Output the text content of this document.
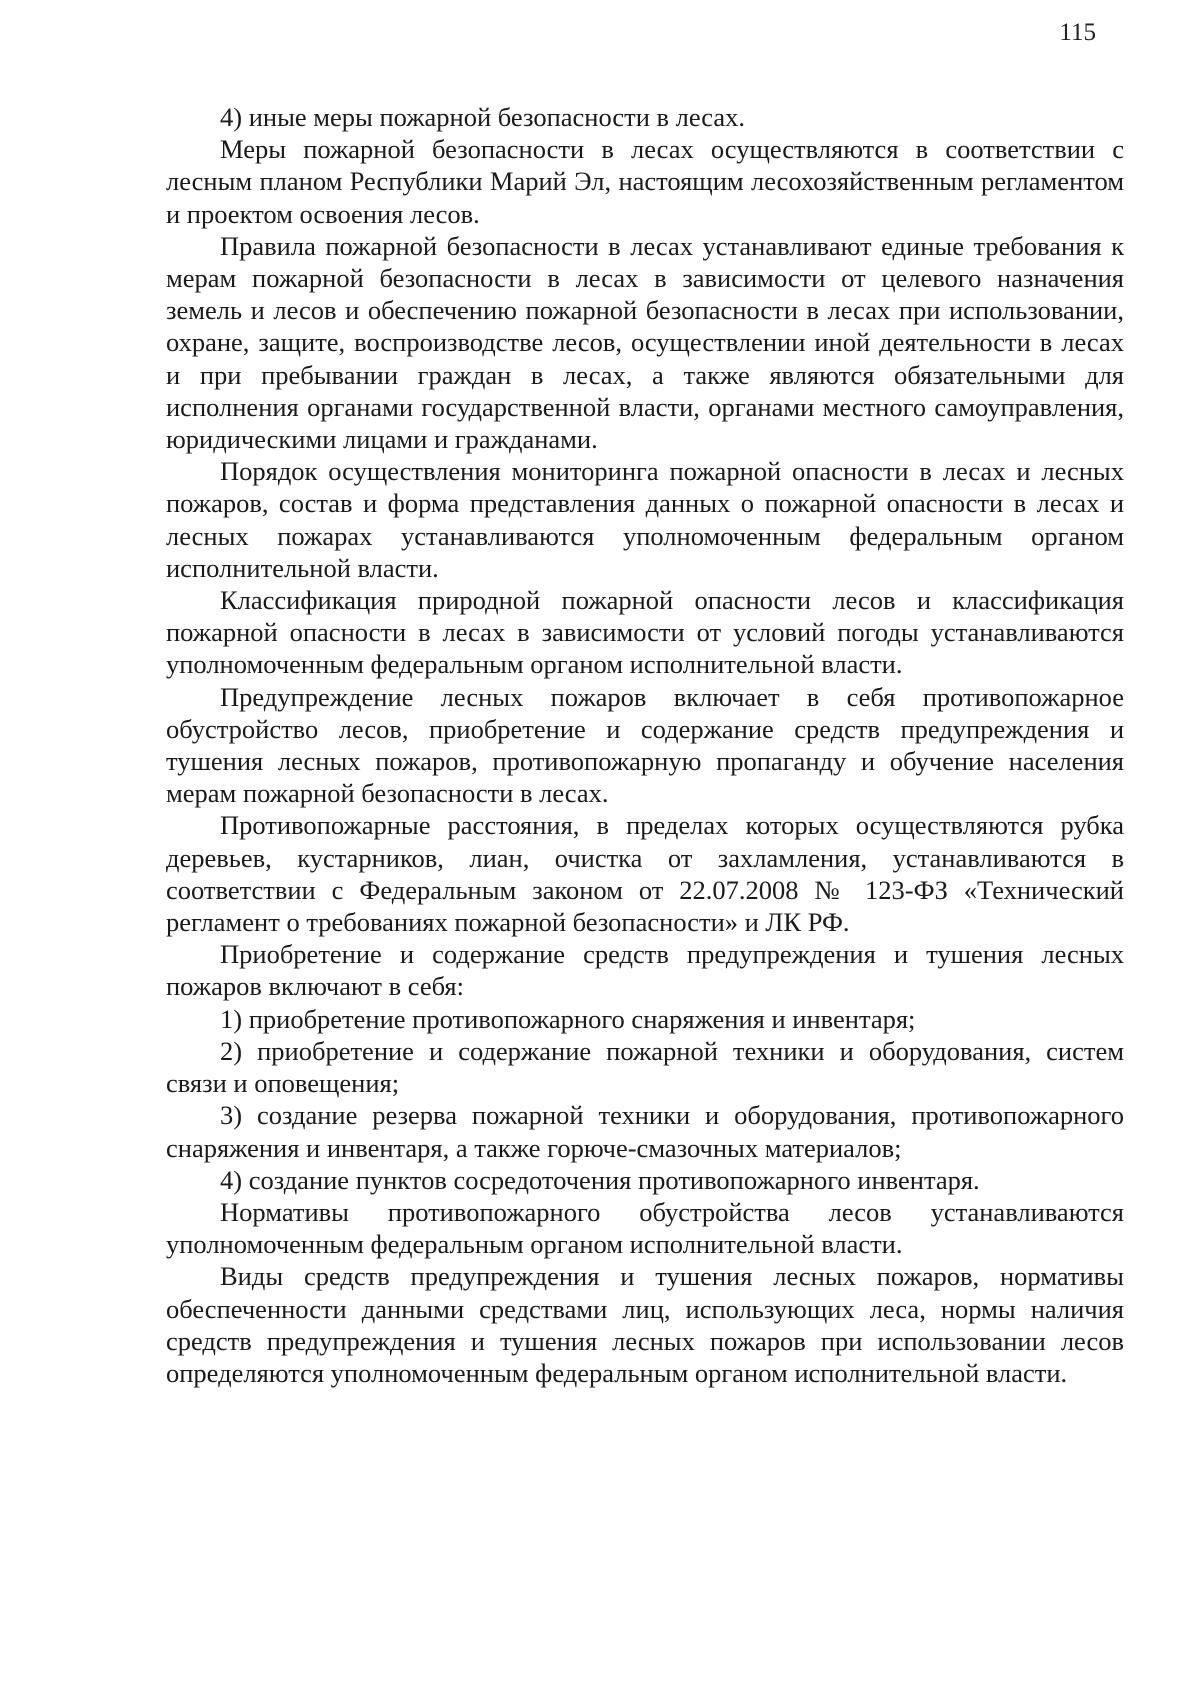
115

4) иные меры пожарной безопасности в лесах.

Меры пожарной безопасности в лесах осуществляются в соответствии с лесным планом Республики Марий Эл, настоящим лесохозяйственным регламентом и проектом освоения лесов.

Правила пожарной безопасности в лесах устанавливают единые требования к мерам пожарной безопасности в лесах в зависимости от целевого назначения земель и лесов и обеспечению пожарной безопасности в лесах при использовании, охране, защите, воспроизводстве лесов, осуществлении иной деятельности в лесах и при пребывании граждан в лесах, а также являются обязательными для исполнения органами государственной власти, органами местного самоуправления, юридическими лицами и гражданами.

Порядок осуществления мониторинга пожарной опасности в лесах и лесных пожаров, состав и форма представления данных о пожарной опасности в лесах и лесных пожарах устанавливаются уполномоченным федеральным органом исполнительной власти.

Классификация природной пожарной опасности лесов и классификация пожарной опасности в лесах в зависимости от условий погоды устанавливаются уполномоченным федеральным органом исполнительной власти.

Предупреждение лесных пожаров включает в себя противопожарное обустройство лесов, приобретение и содержание средств предупреждения и тушения лесных пожаров, противопожарную пропаганду и обучение населения мерам пожарной безопасности в лесах.

Противопожарные расстояния, в пределах которых осуществляются рубка деревьев, кустарников, лиан, очистка от захламления, устанавливаются в соответствии с Федеральным законом от 22.07.2008 № 123-ФЗ «Технический регламент о требованиях пожарной безопасности» и ЛК РФ.

Приобретение и содержание средств предупреждения и тушения лесных пожаров включают в себя:

1) приобретение противопожарного снаряжения и инвентаря;

2) приобретение и содержание пожарной техники и оборудования, систем связи и оповещения;

3) создание резерва пожарной техники и оборудования, противопожарного снаряжения и инвентаря, а также горюче-смазочных материалов;

4) создание пунктов сосредоточения противопожарного инвентаря.

Нормативы противопожарного обустройства лесов устанавливаются уполномоченным федеральным органом исполнительной власти.

Виды средств предупреждения и тушения лесных пожаров, нормативы обеспеченности данными средствами лиц, использующих леса, нормы наличия средств предупреждения и тушения лесных пожаров при использовании лесов определяются уполномоченным федеральным органом исполнительной власти.
